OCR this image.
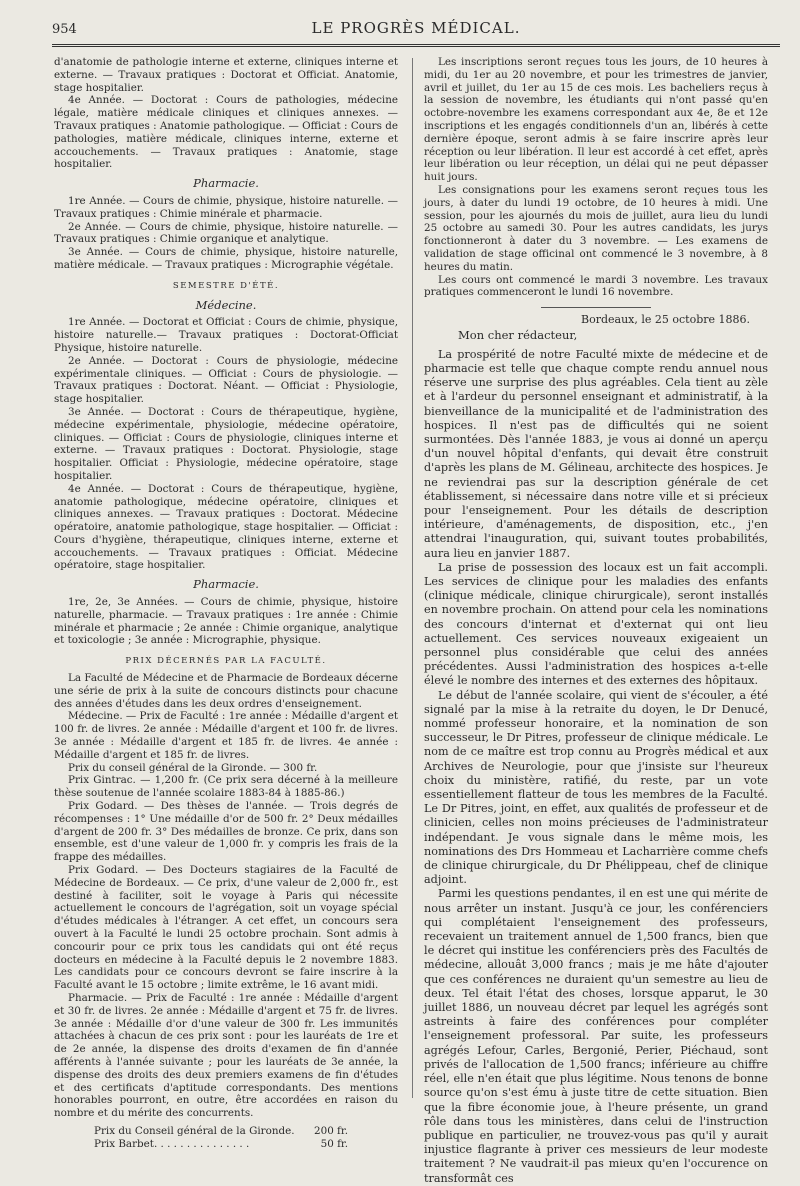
954	LE PROGRÈS MÉDICAL.

d'anatomie de pathologie interne et externe, cliniques interne et externe. — Travaux pratiques : Doctorat et Officiat. Anatomie, stage hospitalier.

4e Année. — Doctorat : Cours de pathologies, médecine légale, matière médicale cliniques et cliniques annexes. — Travaux pratiques : Anatomie pathologique. — Officiat : Cours de pathologies, matière médicale, cliniques interne, externe et accouchements. — Travaux pratiques : Anatomie, stage hospitalier.

Pharmacie.

1re Année. — Cours de chimie, physique, histoire naturelle. — Travaux pratiques : Chimie minérale et pharmacie.

2e Année. — Cours de chimie, physique, histoire naturelle. — Travaux pratiques : Chimie organique et analytique.

3e Année. — Cours de chimie, physique, histoire naturelle, matière médicale. — Travaux pratiques : Micrographie végétale.

SEMESTRE D'ÉTÉ.
Médecine.

1re Année. — Doctorat et Officiat : Cours de chimie, physique, histoire naturelle.— Travaux pratiques : Doctorat-Officiat Physique, histoire naturelle.

2e Année. — Doctorat : Cours de physiologie, médecine expérimentale cliniques. — Officiat : Cours de physiologie. — Travaux pratiques : Doctorat. Néant. — Officiat : Physiologie, stage hospitalier.

3e Année. — Doctorat : Cours de thérapeutique, hygiène, médecine expérimentale, physiologie, médecine opératoire, cliniques. — Officiat : Cours de physiologie, cliniques interne et externe. — Travaux pratiques : Doctorat. Physiologie, stage hospitalier. Officiat : Physiologie, médecine opératoire, stage hospitalier.

4e Année. — Doctorat : Cours de thérapeutique, hygiène, anatomie pathologique, médecine opératoire, cliniques et cliniques annexes. — Travaux pratiques : Doctorat. Médecine opératoire, anatomie pathologique, stage hospitalier. — Officiat : Cours d'hygiène, thérapeutique, cliniques interne, externe et accouchements. — Travaux pratiques : Officiat. Médecine opératoire, stage hospitalier.

Pharmacie.

1re, 2e, 3e Années. — Cours de chimie, physique, histoire naturelle, pharmacie. — Travaux pratiques : 1re année : Chimie minérale et pharmacie ; 2e année : Chimie organique, analytique et toxicologie ; 3e année : Micrographie, physique.

PRIX DÉCERNÉS PAR LA FACULTÉ.

La Faculté de Médecine et de Pharmacie de Bordeaux décerne une série de prix à la suite de concours distincts pour chacune des années d'études dans les deux ordres d'enseignement.

Médecine. — Prix de Faculté : 1re année : Médaille d'argent et 100 fr. de livres. 2e année : Médaille d'argent et 100 fr. de livres. 3e année : Médaille d'argent et 185 fr. de livres. 4e année : Médaille d'argent et 185 fr. de livres.

Prix du conseil général de la Gironde. — 300 fr.

Prix Gintrac. — 1,200 fr. (Ce prix sera décerné à la meilleure thèse soutenue de l'année scolaire 1883-84 à 1885-86.)

Prix Godard. — Des thèses de l'année. — Trois degrés de récompenses : 1° Une médaille d'or de 500 fr. 2° Deux médailles d'argent de 200 fr. 3° Des médailles de bronze. Ce prix, dans son ensemble, est d'une valeur de 1,000 fr. y compris les frais de la frappe des médailles.

Prix Godard. — Des Docteurs stagiaires de la Faculté de Médecine de Bordeaux. — Ce prix, d'une valeur de 2,000 fr., est destiné à faciliter, soit le voyage à Paris qui nécessite actuellement le concours de l'agrégation, soit un voyage spécial d'études médicales à l'étranger. A cet effet, un concours sera ouvert à la Faculté le lundi 25 octobre prochain. Sont admis à concourir pour ce prix tous les candidats qui ont été reçus docteurs en médecine à la Faculté depuis le 2 novembre 1883. Les candidats pour ce concours devront se faire inscrire à la Faculté avant le 15 octobre ; limite extrême, le 16 avant midi.

Pharmacie. — Prix de Faculté : 1re année : Médaille d'argent et 30 fr. de livres. 2e année : Médaille d'argent et 75 fr. de livres. 3e année : Médaille d'or d'une valeur de 300 fr. Les immunités attachées à chacun de ces prix sont : pour les lauréats de 1re et de 2e année, la dispense des droits d'examen de fin d'année afférents à l'année suivante ; pour les lauréats de 3e année, la dispense des droits des deux premiers examens de fin d'études et des certificats d'aptitude correspondants. Des mentions honorables pourront, en outre, être accordées en raison du nombre et du mérite des concurrents.

Prix du Conseil général de la Gironde. 200 fr.
Prix Barbet. . . . . . . . . . . . . . .	50 fr.

Les inscriptions seront reçues tous les jours, de 10 heures à midi, du 1er au 20 novembre, et pour les trimestres de janvier, avril et juillet, du 1er au 15 de ces mois. Les bacheliers reçus à la session de novembre, les étudiants qui n'ont passé qu'en octobre-novembre les examens correspondant aux 4e, 8e et 12e inscriptions et les engagés conditionnels d'un an, libérés à cette dernière époque, seront admis à se faire inscrire après leur réception ou leur libération. Il leur est accordé à cet effet, après leur libération ou leur réception, un délai qui ne peut dépasser huit jours.

Les consignations pour les examens seront reçues tous les jours, à dater du lundi 19 octobre, de 10 heures à midi. Une session, pour les ajournés du mois de juillet, aura lieu du lundi 25 octobre au samedi 30. Pour les autres candidats, les jurys fonctionneront à dater du 3 novembre. — Les examens de validation de stage officinal ont commencé le 3 novembre, à 8 heures du matin.

Les cours ont commencé le mardi 3 novembre. Les travaux pratiques commenceront le lundi 16 novembre.

Bordeaux, le 25 octobre 1886.
Mon cher rédacteur,

La prospérité de notre Faculté mixte de médecine et de pharmacie est telle que chaque compte rendu annuel nous réserve une surprise des plus agréables. Cela tient au zèle et à l'ardeur du personnel enseignant et administratif, à la bienveillance de la municipalité et de l'administration des hospices. Il n'est pas de difficultés qui ne soient surmontées. Dès l'année 1883, je vous ai donné un aperçu d'un nouvel hôpital d'enfants, qui devait être construit d'après les plans de M. Gélineau, architecte des hospices. Je ne reviendrai pas sur la description générale de cet établissement, si nécessaire dans notre ville et si précieux pour l'enseignement. Pour les détails de description intérieure, d'aménagements, de disposition, etc., j'en attendrai l'inauguration, qui, suivant toutes probabilités, aura lieu en janvier 1887.

La prise de possession des locaux est un fait accompli. Les services de clinique pour les maladies des enfants (clinique médicale, clinique chirurgicale), seront installés en novembre prochain. On attend pour cela les nominations des concours d'internat et d'externat qui ont lieu actuellement. Ces services nouveaux exigeaient un personnel plus considérable que celui des années précédentes. Aussi l'administration des hospices a-t-elle élevé le nombre des internes et des externes des hôpitaux.

Le début de l'année scolaire, qui vient de s'écouler, a été signalé par la mise à la retraite du doyen, le Dr Denucé, nommé professeur honoraire, et la nomination de son successeur, le Dr Pitres, professeur de clinique médicale. Le nom de ce maître est trop connu au Progrès médical et aux Archives de Neurologie, pour que j'insiste sur l'heureux choix du ministère, ratifié, du reste, par un vote essentiellement flatteur de tous les membres de la Faculté. Le Dr Pitres, joint, en effet, aux qualités de professeur et de clinicien, celles non moins précieuses de l'administrateur indépendant. Je vous signale dans le même mois, les nominations des Drs Hommeau et Lacharrière comme chefs de clinique chirurgicale, du Dr Phélippeau, chef de clinique adjoint.

Parmi les questions pendantes, il en est une qui mérite de nous arrêter un instant. Jusqu'à ce jour, les conférenciers qui complétaient l'enseignement des professeurs, recevaient un traitement annuel de 1,500 francs, bien que le décret qui institue les conférenciers près des Facultés de médecine, allouât 3,000 francs ; mais je me hâte d'ajouter que ces conférences ne duraient qu'un semestre au lieu de deux. Tel était l'état des choses, lorsque apparut, le 30 juillet 1886, un nouveau décret par lequel les agrégés sont astreints à faire des conférences pour compléter l'enseignement professoral. Par suite, les professeurs agrégés Lefour, Carles, Bergonié, Perier, Piéchaud, sont privés de l'allocation de 1,500 francs; inférieure au chiffre réel, elle n'en était que plus légitime. Nous tenons de bonne source qu'on s'est ému à juste titre de cette situation. Bien que la fibre économie joue, à l'heure présente, un grand rôle dans tous les ministères, dans celui de l'instruction publique en particulier, ne trouvez-vous pas qu'il y aurait injustice flagrante à priver ces messieurs de leur modeste traitement ? Ne vaudrait-il pas mieux qu'en l'occurence on transformât ces
